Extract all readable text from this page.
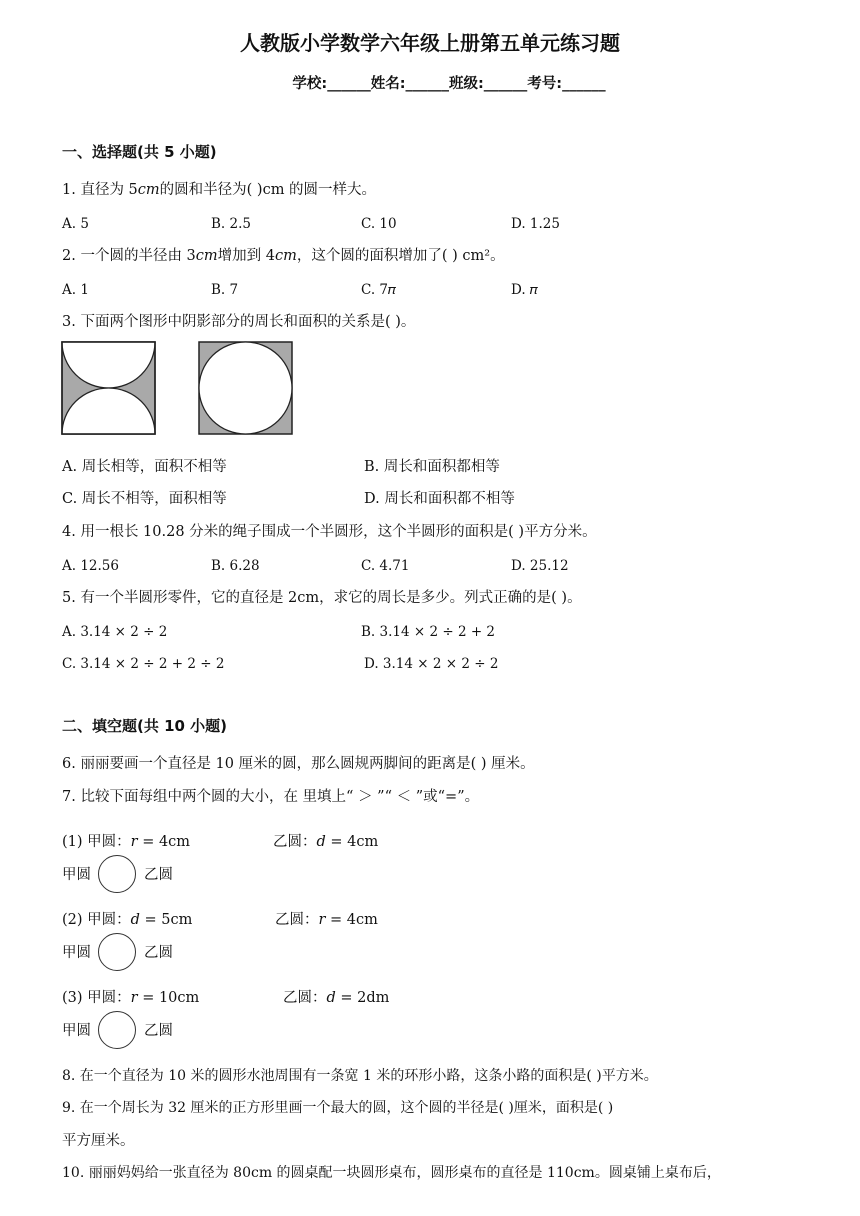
人教版小学数学六年级上册第五单元练习题
学校:______姓名:______班级:______考号:______
一、选择题(共 5 小题)
1. 直径为 5𝑐𝑚的圆和半径为( )cm 的圆一样大。
A. 5	B. 2.5	C. 10	D. 1.25
2. 一个圆的半径由 3𝑐𝑚增加到 4𝑐𝑚，这个圆的面积增加了( ) cm²。
A. 1	B. 7	C. 7𝜋	D. 𝜋
3. 下面两个图形中阴影部分的周长和面积的关系是( )。
A. 周长相等，面积不相等	B. 周长和面积都相等
C. 周长不相等，面积相等	D. 周长和面积都不相等
4. 用一根长 10.28 分米的绳子围成一个半圆形，这个半圆形的面积是( )平方分米。
A. 12.56	B. 6.28	C. 4.71	D. 25.12
5. 有一个半圆形零件，它的直径是 2cm，求它的周长是多少。列式正确的是( )。
A. 3.14 × 2 ÷ 2	B. 3.14 × 2 ÷ 2 + 2
C. 3.14 × 2 ÷ 2 + 2 ÷ 2	D. 3.14 × 2 × 2 ÷ 2
二、填空题(共 10 小题)
6. 丽丽要画一个直径是 10 厘米的圆，那么圆规两脚间的距离是( ) 厘米。
7. 比较下面每组中两个圆的大小，在 里填上“ ＞ ”“ ＜ ”或“=”。
(1) 甲圆：𝑟 = 4cm	乙圆：𝑑 = 4cm
甲圆	乙圆
(2) 甲圆：𝑑 = 5cm	乙圆：𝑟 = 4cm
甲圆	乙圆
(3) 甲圆：𝑟 = 10cm	乙圆：𝑑 = 2dm
甲圆	乙圆
8. 在一个直径为 10 米的圆形水池周围有一条宽 1 米的环形小路，这条小路的面积是( )平方米。
9. 在一个周长为 32 厘米的正方形里画一个最大的圆，这个圆的半径是( )厘米，面积是( )
平方厘米。
10. 丽丽妈妈给一张直径为 80cm 的圆桌配一块圆形桌布，圆形桌布的直径是 110cm。圆桌铺上桌布后，
